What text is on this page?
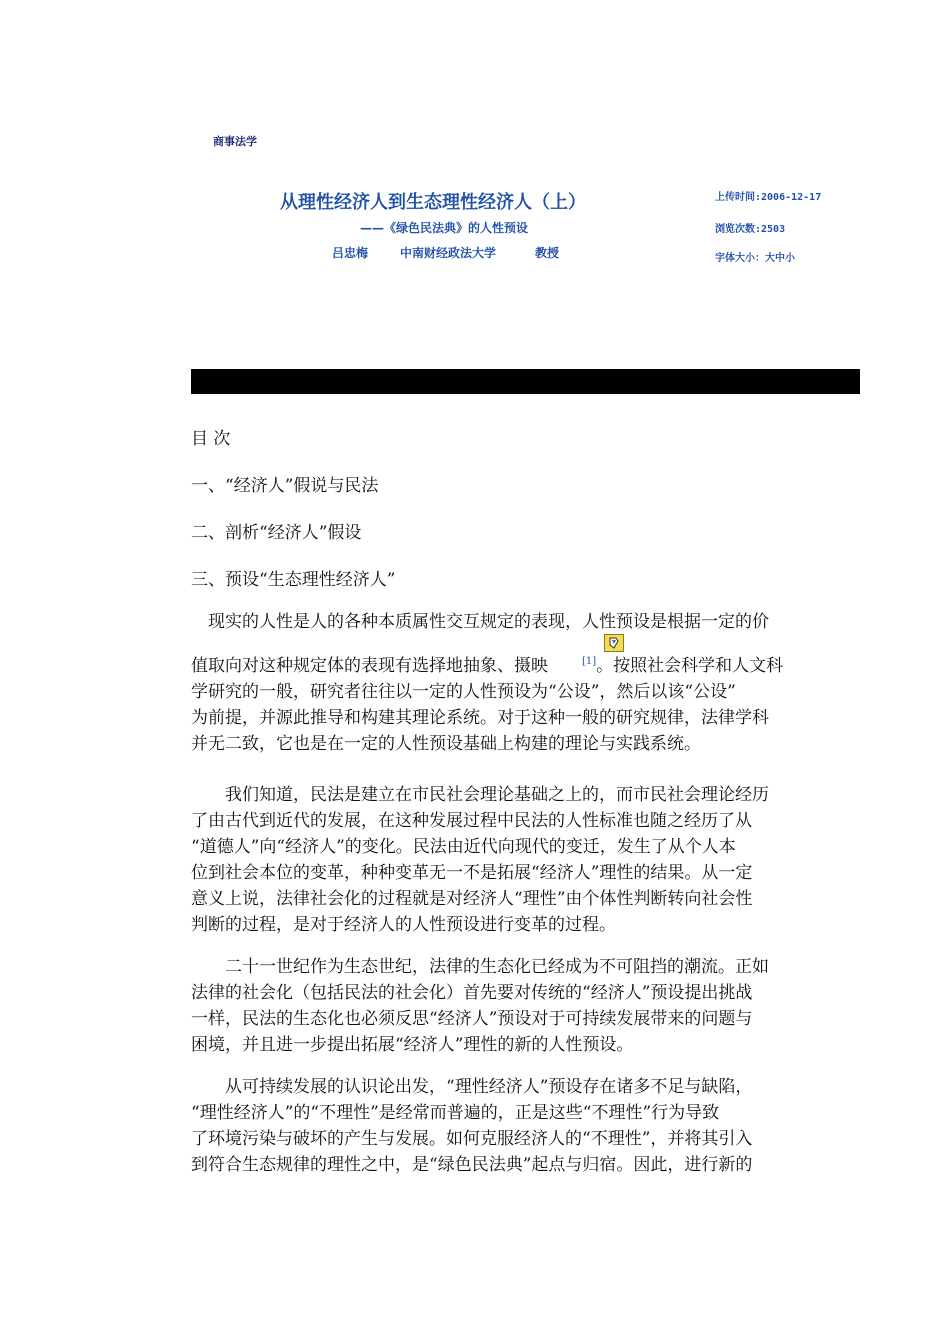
商事法学
从理性经济人到生态理性经济人（上）
——《绿色民法典》的人性预设
吕忠梅	中南财经政法大学	教授
上传时间:2006-12-17
浏览次数:2503
字体大小：大中小
目 次
一、“经济人”假说与民法
二、剖析“经济人”假设
三、预设“生态理性经济人”
　现实的人性是人的各种本质属性交互规定的表现，人性预设是根据一定的价
值取向对这种规定体的表现有选择地抽象、摄映	[1]。按照社会科学和人文科
学研究的一般，研究者往往以一定的人性预设为“公设”，然后以该“公设”
为前提，并源此推导和构建其理论系统。对于这种一般的研究规律，法律学科
并无二致，它也是在一定的人性预设基础上构建的理论与实践系统。
　　我们知道，民法是建立在市民社会理论基础之上的，而市民社会理论经历
了由古代到近代的发展，在这种发展过程中民法的人性标准也随之经历了从
“道德人”向“经济人”的变化。民法由近代向现代的变迁，发生了从个人本
位到社会本位的变革，种种变革无一不是拓展“经济人”理性的结果。从一定
意义上说，法律社会化的过程就是对经济人“理性”由个体性判断转向社会性
判断的过程，是对于经济人的人性预设进行变革的过程。
　　二十一世纪作为生态世纪，法律的生态化已经成为不可阻挡的潮流。正如
法律的社会化（包括民法的社会化）首先要对传统的“经济人”预设提出挑战
一样，民法的生态化也必须反思“经济人”预设对于可持续发展带来的问题与
困境，并且进一步提出拓展“经济人”理性的新的人性预设。
　　从可持续发展的认识论出发，“理性经济人”预设存在诸多不足与缺陷，
“理性经济人”的“不理性”是经常而普遍的，正是这些“不理性”行为导致
了环境污染与破坏的产生与发展。如何克服经济人的“不理性”，并将其引入
到符合生态规律的理性之中，是“绿色民法典”起点与归宿。因此，进行新的
